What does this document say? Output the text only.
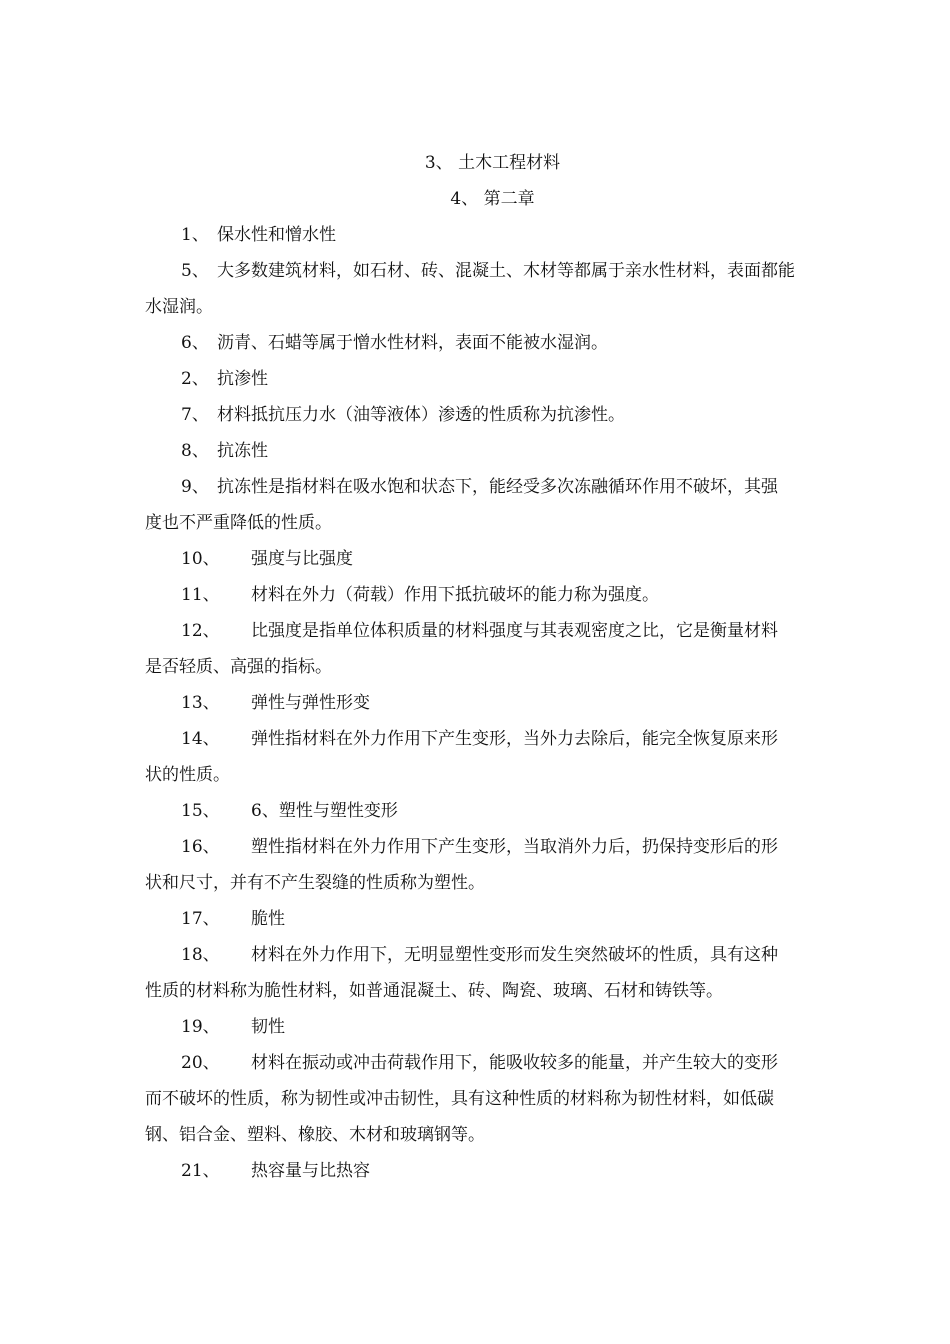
3、 土木工程材料
4、 第二章
1、 保水性和憎水性
5、 大多数建筑材料，如石材、砖、混凝土、木材等都属于亲水性材料，表面都能
水湿润。
6、 沥青、石蜡等属于憎水性材料，表面不能被水湿润。
2、 抗渗性
7、 材料抵抗压力水（油等液体）渗透的性质称为抗渗性。
8、 抗冻性
9、 抗冻性是指材料在吸水饱和状态下，能经受多次冻融循环作用不破坏，其强
度也不严重降低的性质。
10、 强度与比强度
11、 材料在外力（荷载）作用下抵抗破坏的能力称为强度。
12、 比强度是指单位体积质量的材料强度与其表观密度之比，它是衡量材料
是否轻质、高强的指标。
13、 弹性与弹性形变
14、 弹性指材料在外力作用下产生变形，当外力去除后，能完全恢复原来形
状的性质。
15、 6、塑性与塑性变形
16、 塑性指材料在外力作用下产生变形，当取消外力后，扔保持变形后的形
状和尺寸，并有不产生裂缝的性质称为塑性。
17、 脆性
18、 材料在外力作用下，无明显塑性变形而发生突然破坏的性质，具有这种
性质的材料称为脆性材料，如普通混凝土、砖、陶瓷、玻璃、石材和铸铁等。
19、 韧性
20、 材料在振动或冲击荷载作用下，能吸收较多的能量，并产生较大的变形
而不破坏的性质，称为韧性或冲击韧性，具有这种性质的材料称为韧性材料，如低碳
钢、铝合金、塑料、橡胶、木材和玻璃钢等。
21、 热容量与比热容
